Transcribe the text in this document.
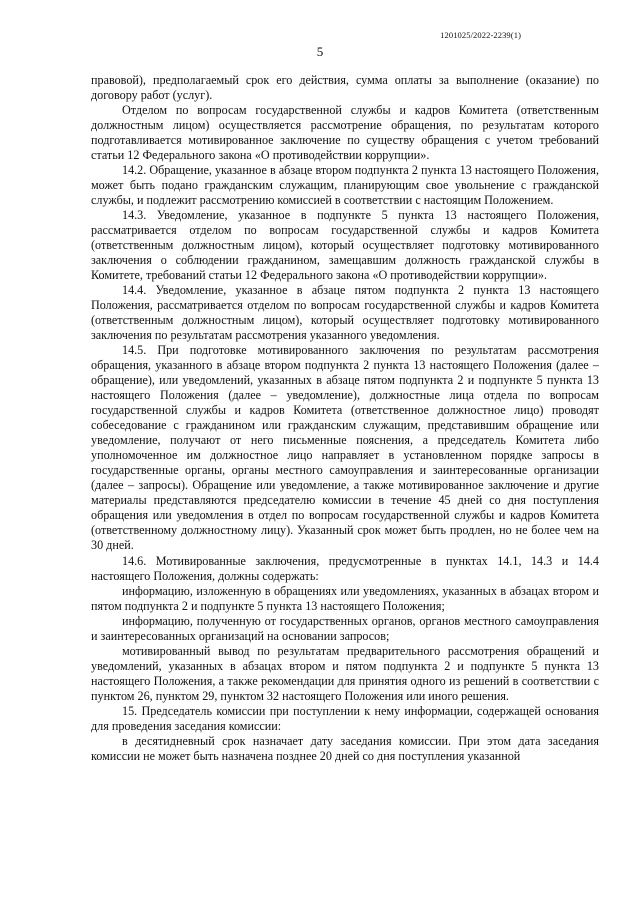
1201025/2022-2239(1)
5

правовой), предполагаемый срок его действия, сумма оплаты за выполнение (оказание) по договору работ (услуг).

Отделом по вопросам государственной службы и кадров Комитета (ответственным должностным лицом) осуществляется рассмотрение обращения, по результатам которого подготавливается мотивированное заключение по существу обращения с учетом требований статьи 12 Федерального закона «О противодействии коррупции».

14.2. Обращение, указанное в абзаце втором подпункта 2 пункта 13 настоящего Положения, может быть подано гражданским служащим, планирующим свое увольнение с гражданской службы, и подлежит рассмотрению комиссией в соответствии с настоящим Положением.

14.3. Уведомление, указанное в подпункте 5 пункта 13 настоящего Положения, рассматривается отделом по вопросам государственной службы и кадров Комитета (ответственным должностным лицом), который осуществляет подготовку мотивированного заключения о соблюдении гражданином, замещавшим должность гражданской службы в Комитете, требований статьи 12 Федерального закона «О противодействии коррупции».

14.4. Уведомление, указанное в абзаце пятом подпункта 2 пункта 13 настоящего Положения, рассматривается отделом по вопросам государственной службы и кадров Комитета (ответственным должностным лицом), который осуществляет подготовку мотивированного заключения по результатам рассмотрения указанного уведомления.

14.5. При подготовке мотивированного заключения по результатам рассмотрения обращения, указанного в абзаце втором подпункта 2 пункта 13 настоящего Положения (далее – обращение), или уведомлений, указанных в абзаце пятом подпункта 2 и подпункте 5 пункта 13 настоящего Положения (далее – уведомление), должностные лица отдела по вопросам государственной службы и кадров Комитета (ответственное должностное лицо) проводят собеседование с гражданином или гражданским служащим, представившим обращение или уведомление, получают от него письменные пояснения, а председатель Комитета либо уполномоченное им должностное лицо направляет в установленном порядке запросы в государственные органы, органы местного самоуправления и заинтересованные организации (далее – запросы). Обращение или уведомление, а также мотивированное заключение и другие материалы представляются председателю комиссии в течение 45 дней со дня поступления обращения или уведомления в отдел по вопросам государственной службы и кадров Комитета (ответственному должностному лицу). Указанный срок может быть продлен, но не более чем на 30 дней.

14.6. Мотивированные заключения, предусмотренные в пунктах 14.1, 14.3 и 14.4 настоящего Положения, должны содержать:

информацию, изложенную в обращениях или уведомлениях, указанных в абзацах втором и пятом подпункта 2 и подпункте 5 пункта 13 настоящего Положения;

информацию, полученную от государственных органов, органов местного самоуправления и заинтересованных организаций на основании запросов;

мотивированный вывод по результатам предварительного рассмотрения обращений и уведомлений, указанных в абзацах втором и пятом подпункта 2 и подпункте 5 пункта 13 настоящего Положения, а также рекомендации для принятия одного из решений в соответствии с пунктом 26, пунктом 29, пунктом 32 настоящего Положения или иного решения.

15. Председатель комиссии при поступлении к нему информации, содержащей основания для проведения заседания комиссии:

в десятидневный срок назначает дату заседания комиссии. При этом дата заседания комиссии не может быть назначена позднее 20 дней со дня поступления указанной
